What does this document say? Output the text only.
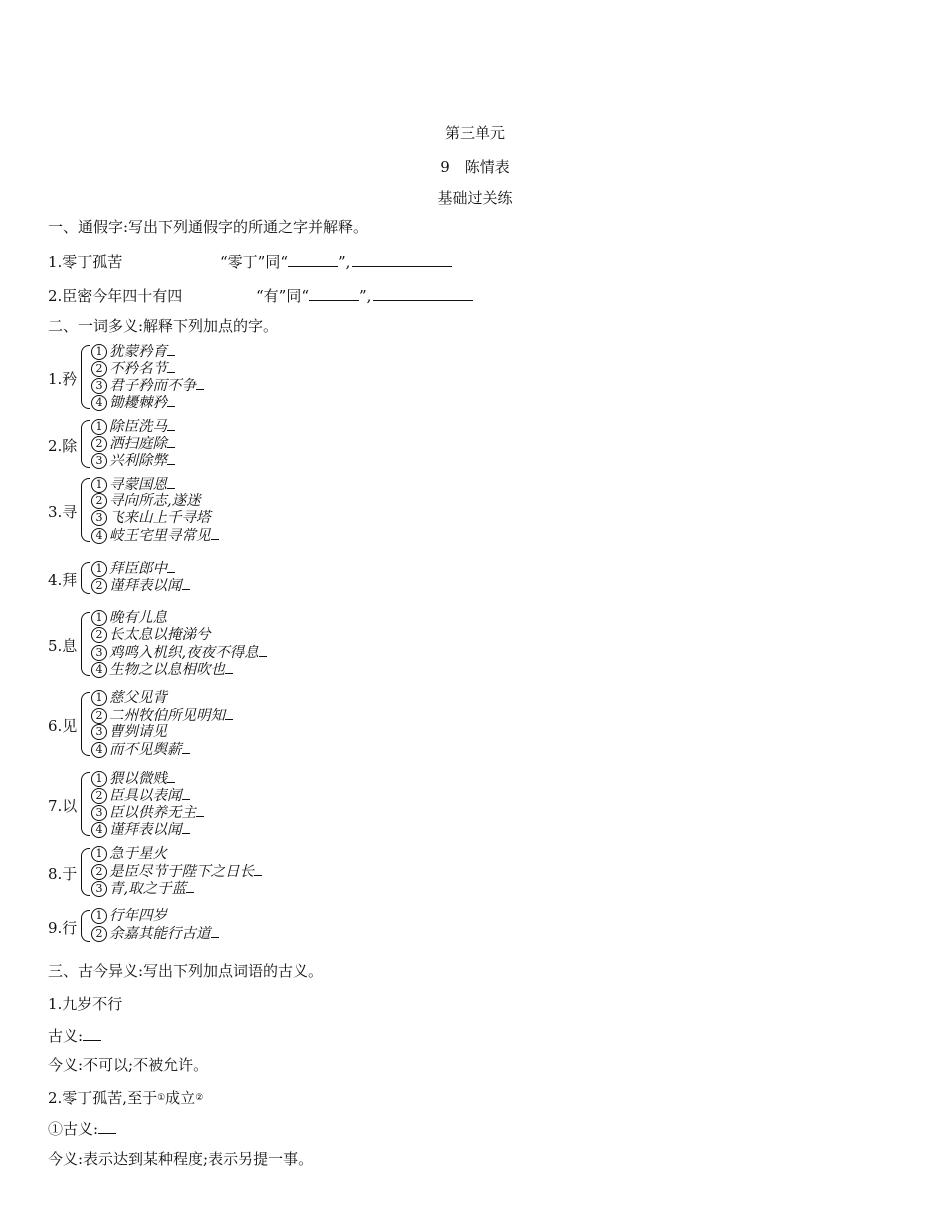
第三单元
9　陈情表
基础过关练
一、通假字:写出下列通假字的所通之字并解释。
1.零丁孤苦	“零丁”同“	”,
2.臣密今年四十有四	“有”同“	”,
二、一词多义:解释下列加点的字。
1.矜
1 犹蒙矜育
2 不矜名节
3 君子矜而不争
4 锄耰棘矜
2.除
1 除臣洗马
2 洒扫庭除
3 兴利除弊
3.寻
1 寻蒙国恩
2 寻向所志,遂迷
3 飞来山上千寻塔
4 岐王宅里寻常见
4.拜
1 拜臣郎中
2 谨拜表以闻
5.息
1 晚有儿息
2 长太息以掩涕兮
3 鸡鸣入机织,夜夜不得息
4 生物之以息相吹也
6.见
1 慈父见背
2 二州牧伯所见明知
3 曹刿请见
4 而不见舆薪
7.以
1 猥以微贱
2 臣具以表闻
3 臣以供养无主
4 谨拜表以闻
8.于
1 急于星火
2 是臣尽节于陛下之日长
3 青,取之于蓝
9.行
1 行年四岁
2 余嘉其能行古道
三、古今异义:写出下列加点词语的古义。
1.九岁不行
古义:
今义:不可以;不被允许。
2.零丁孤苦,至于①成立②
①古义:
今义:表示达到某种程度;表示另提一事。
